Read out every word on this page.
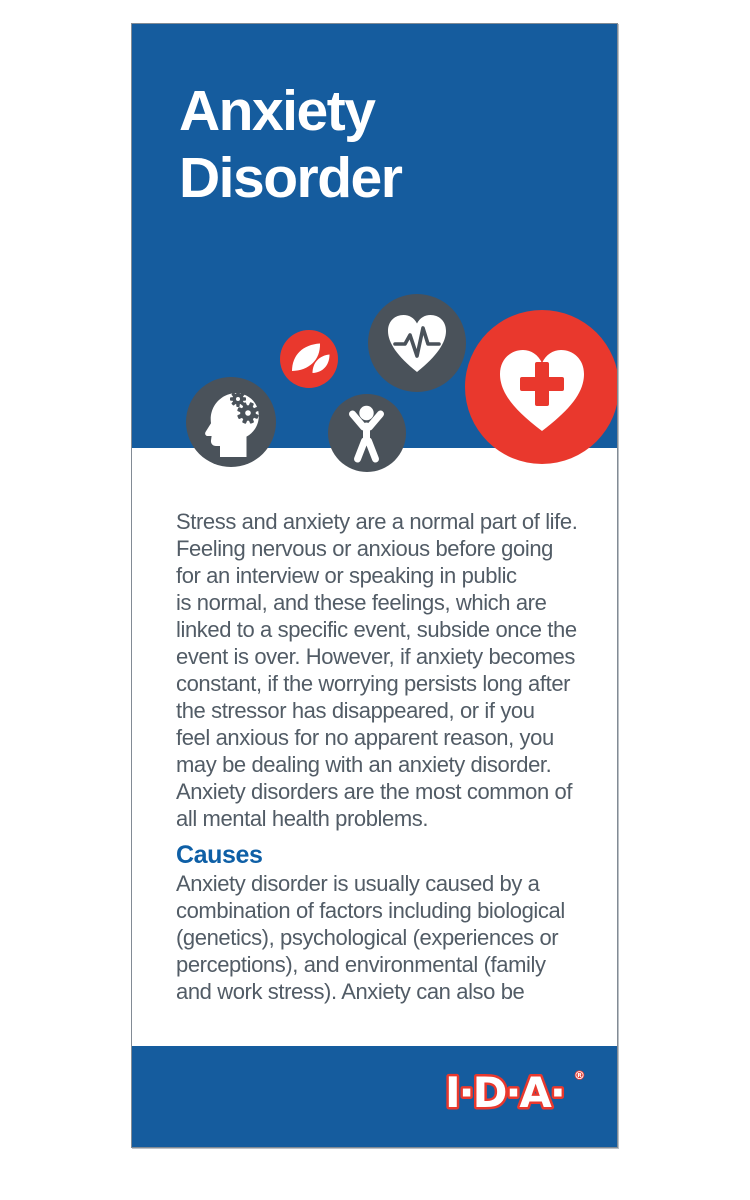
Anxiety
Disorder
Stress and anxiety are a normal part of life.
Feeling nervous or anxious before going
for an interview or speaking in public
is normal, and these feelings, which are
linked to a specific event, subside once the
event is over. However, if anxiety becomes
constant, if the worrying persists long after
the stressor has disappeared, or if you
feel anxious for no apparent reason, you
may be dealing with an anxiety disorder.
Anxiety disorders are the most common of
all mental health problems.
Causes
Anxiety disorder is usually caused by a
combination of factors including biological
(genetics), psychological (experiences or
perceptions), and environmental (family
and work stress). Anxiety can also be
I·D·A· ®
